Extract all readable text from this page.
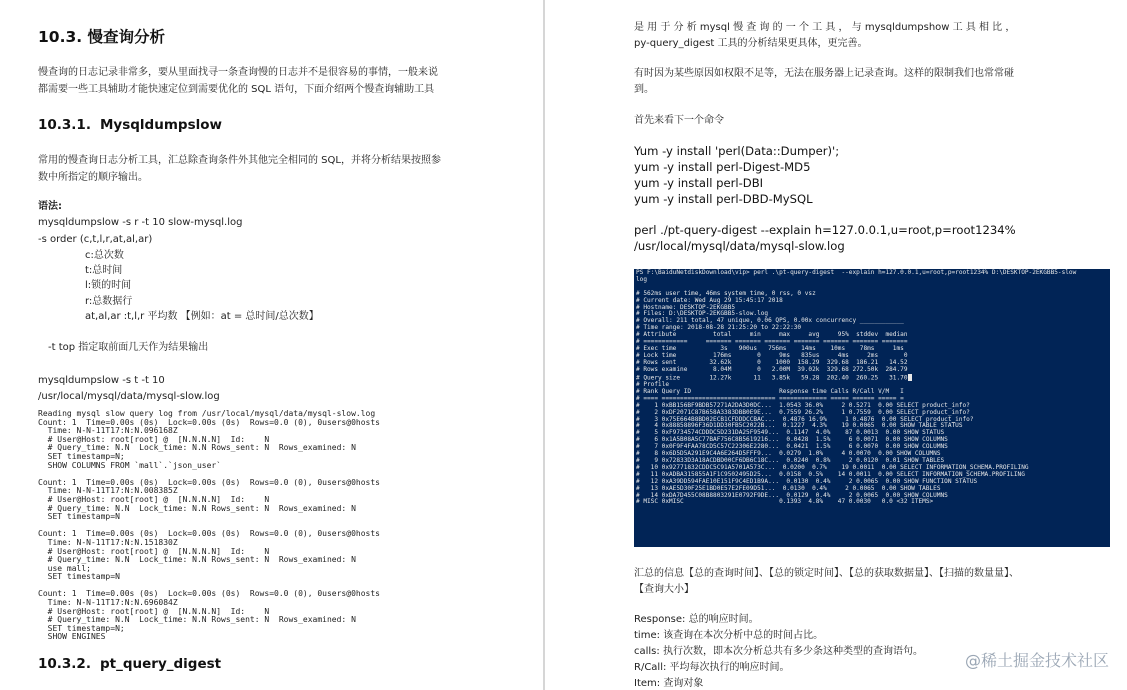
10.3. 慢查询分析
慢查询的日志记录非常多，要从里面找寻一条查询慢的日志并不是很容易的事情，一般来说
都需要一些工具辅助才能快速定位到需要优化的 SQL 语句，下面介绍两个慢查询辅助工具
10.3.1. Mysqldumpslow
常用的慢查询日志分析工具，汇总除查询条件外其他完全相同的 SQL，并将分析结果按照参
数中所指定的顺序输出。
语法:
mysqldumpslow -s r -t 10 slow-mysql.log
-s order (c,t,l,r,at,al,ar)
c:总次数
t:总时间
l:锁的时间
r:总数据行
at,al,ar :t,l,r 平均数 【例如：at = 总时间/总次数】
-t top 指定取前面几天作为结果输出
mysqldumpslow -s t -t 10
/usr/local/mysql/data/mysql-slow.log
Reading mysql slow query log from /usr/local/mysql/data/mysql-slow.log
Count: 1  Time=0.00s (0s)  Lock=0.00s (0s)  Rows=0.0 (0), 0users@0hosts
Time: N-N-11T17:N:N.096168Z
# User@Host: root[root] @  [N.N.N.N]  Id:    N
# Query_time: N.N  Lock_time: N.N Rows_sent: N  Rows_examined: N
SET timestamp=N;
SHOW COLUMNS FROM `mall`.`json_user`

Count: 1  Time=0.00s (0s)  Lock=0.00s (0s)  Rows=0.0 (0), 0users@0hosts
Time: N-N-11T17:N:N.008385Z
# User@Host: root[root] @  [N.N.N.N]  Id:    N
# Query_time: N.N  Lock_time: N.N Rows_sent: N  Rows_examined: N
SET timestamp=N

Count: 1  Time=0.00s (0s)  Lock=0.00s (0s)  Rows=0.0 (0), 0users@0hosts
Time: N-N-11T17:N:N.151830Z
# User@Host: root[root] @  [N.N.N.N]  Id:    N
# Query_time: N.N  Lock_time: N.N Rows_sent: N  Rows_examined: N
use mall;
SET timestamp=N

Count: 1  Time=0.00s (0s)  Lock=0.00s (0s)  Rows=0.0 (0), 0users@0hosts
Time: N-N-11T17:N:N.696084Z
# User@Host: root[root] @  [N.N.N.N]  Id:    N
# Query_time: N.N  Lock_time: N.N Rows_sent: N  Rows_examined: N
SET timestamp=N;
SHOW ENGINES
10.3.2. pt_query_digest
是 用 于 分 析 mysql 慢 查 询 的 一 个 工 具 ， 与 mysqldumpshow 工 具 相 比 ，
py-query_digest 工具的分析结果更具体，更完善。
有时因为某些原因如权限不足等，无法在服务器上记录查询。这样的限制我们也常常碰
到。
首先来看下一个命令
Yum -y install 'perl(Data::Dumper)';
yum -y install perl-Digest-MD5
yum -y install perl-DBI
yum -y install perl-DBD-MySQL
perl ./pt-query-digest --explain h=127.0.0.1,u=root,p=root1234%
/usr/local/mysql/data/mysql-slow.log
PS F:\BaiduNetdiskDownload\vip> perl .\pt-query-digest  --explain h=127.0.0.1,u=root,p=root1234% D:\DESKTOP-2EKGBB5-slow
log

# 562ms user time, 46ms system time, 0 rss, 0 vsz
# Current date: Wed Aug 29 15:45:17 2018
# Hostname: DESKTOP-2EKGBB5
# Files: D:\DESKTOP-2EKGBB5-slow.log
# Overall: 211 total, 47 unique, 0.06 QPS, 0.00x concurrency ____________
# Time range: 2018-08-28 21:25:20 to 22:22:30
# Attribute          total     min     max     avg     95%  stddev  median
# ============     ======= ======= ======= ======= ======= ======= =======
# Exec time            3s   900us   756ms    14ms    10ms    78ms     1ms
# Lock time          176ms       0     9ms   835us     4ms     2ms       0
# Rows sent         32.62k       0    1000  158.29  329.68  186.21   14.52
# Rows examine       8.04M       0   2.00M  39.02k  329.68 272.50k  284.79
# Query size        12.27k      11   3.85k   59.28  202.40  260.25   31.70
# Profile
# Rank Query ID                        Response time Calls R/Call V/M   I
# ==== =============================== ============= ===== ====== ===== =
#    1 0xBB156BF9BDB57271A2DA3D0DC...  1.0543 36.0%     2 0.5271  0.00 SELECT product_info?
#    2 0xDF2071C87B658A3383DBB0E9E...  0.7559 26.2%     1 0.7559  0.00 SELECT product_info?
#    3 0x75E664B8BD02ECB1CFDDDCCBAC...  0.4876 16.9%     1 0.4876  0.00 SELECT product_info?
#    4 0x88858896F36D1DD30FB5C2022B...  0.1227  4.3%    19 0.0065  0.00 SHOW TABLE STATUS
#    5 0xF9734574CDDDC5D231DA25F9549...  0.1147  4.0%    87 0.0013  0.00 SHOW STATUS
#    6 0x1A5B08A5C77BAF756C8B5619216...  0.0428  1.5%     6 0.0071  0.00 SHOW COLUMNS
#    7 0x0F9F4FAA78CD5C57C22306E2280...  0.0421  1.5%     6 0.0070  0.00 SHOW COLUMNS
#    8 0x6D5D5A291E9C4A6E264D5FFF9...  0.0279  1.0%     4 0.0070  0.00 SHOW COLUMNS
#    9 0x72833D3A18ACDBD00CF6DB6C18C...  0.0240  0.8%     2 0.0120  0.01 SHOW TABLES
#   10 0x92771832CDDC5C91A5701A573C...  0.0200  0.7%    19 0.0011  0.00 SELECT INFORMATION_SCHEMA.PROFILING
#   11 0xADBA315855A1F1C9502495D25...  0.0158  0.5%    14 0.0011  0.00 SELECT INFORMATION_SCHEMA.PROFILING
#   12 0xA39DD594FAE10E151F9C4ED1B9A...  0.0130  0.4%     2 0.0065  0.00 SHOW FUNCTION STATUS
#   13 0xAE5D30F25E1BD0E57E2FE09D51...  0.0130  0.4%     2 0.0065  0.00 SHOW TABLES
#   14 0xDA7D455C08B8803291E0792F9DE...  0.0129  0.4%     2 0.0065  0.00 SHOW COLUMNS
# MISC 0xMISC                          0.1393  4.8%    47 0.0030   0.0 <32 ITEMS>
汇总的信息【总的查询时间】、【总的锁定时间】、【总的获取数据量】、【扫描的数量量】、
【查询大小】
Response: 总的响应时间。
time: 该查询在本次分析中总的时间占比。
calls: 执行次数，即本次分析总共有多少条这种类型的查询语句。
R/Call: 平均每次执行的响应时间。
Item: 查询对象
@稀土掘金技术社区
